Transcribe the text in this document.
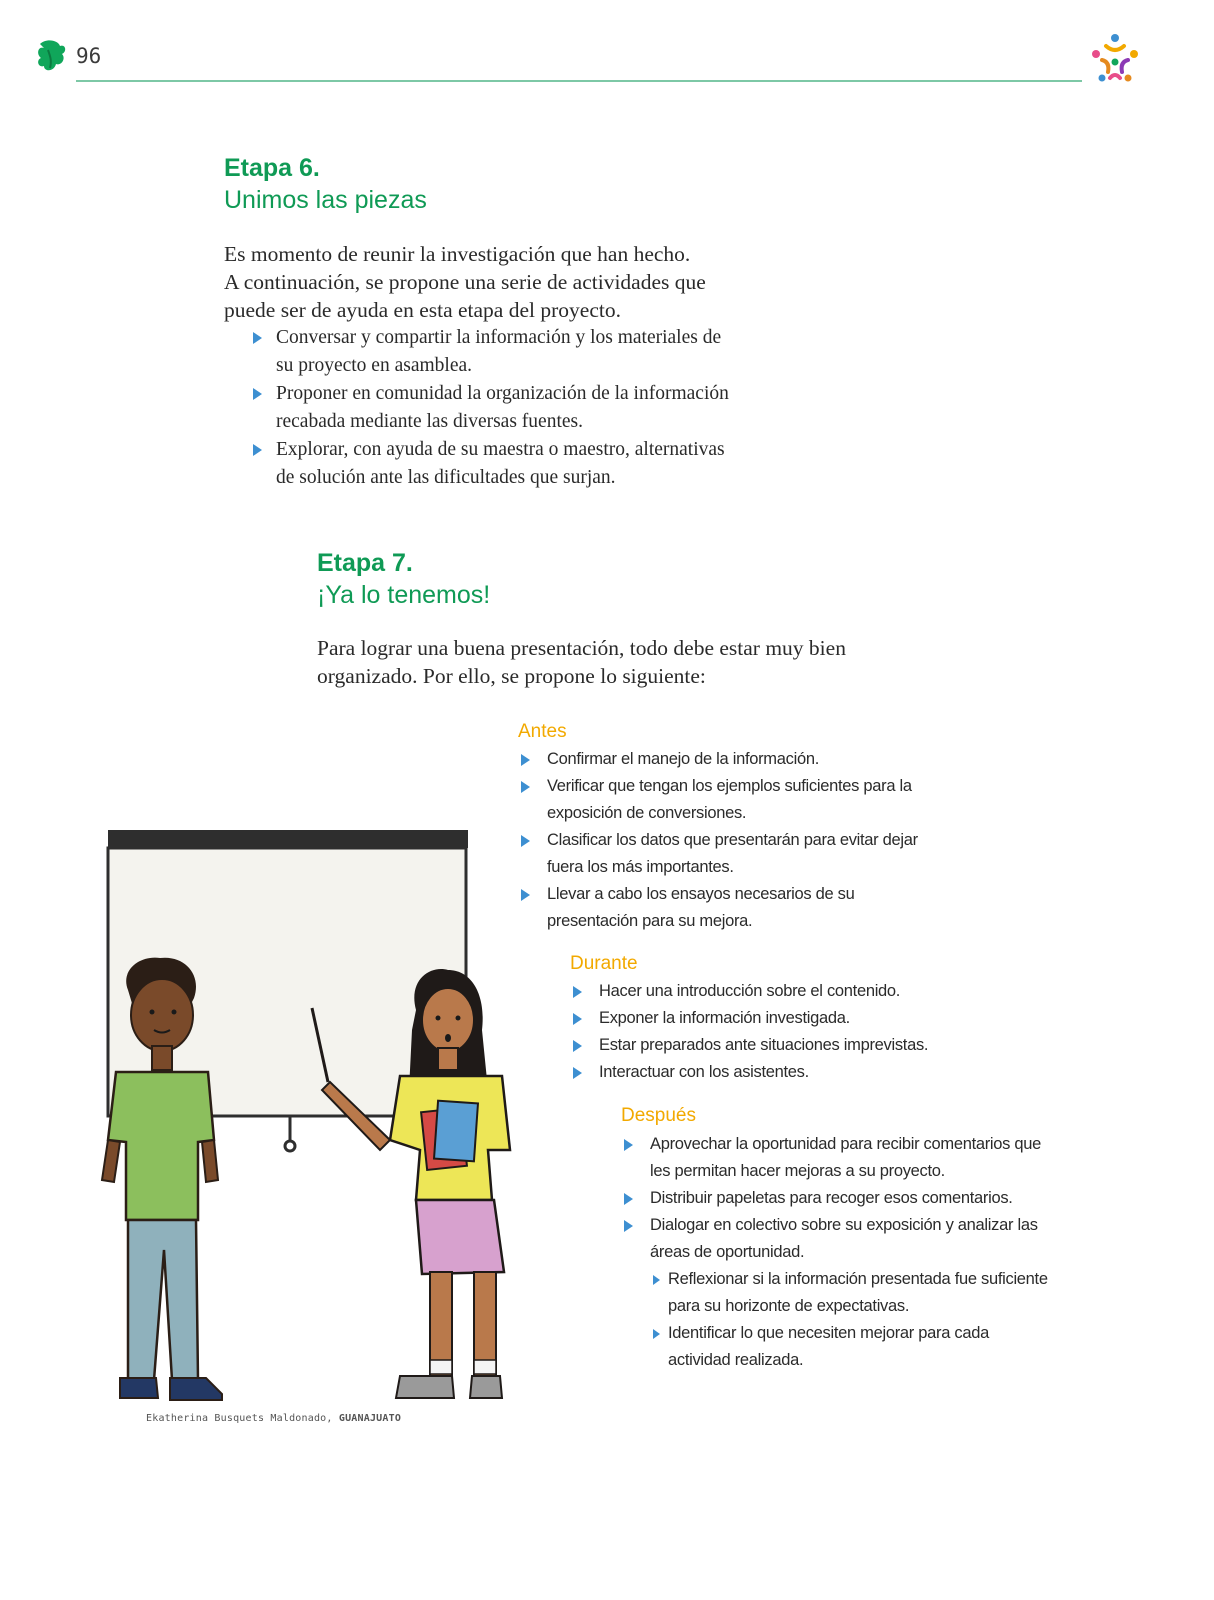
96
Etapa 6.
Unimos las piezas
Es momento de reunir la investigación que han hecho.
A continuación, se propone una serie de actividades que
puede ser de ayuda en esta etapa del proyecto.
Conversar y compartir la información y los materiales de su proyecto en asamblea.
Proponer en comunidad la organización de la información recabada mediante las diversas fuentes.
Explorar, con ayuda de su maestra o maestro, alternativas de solución ante las dificultades que surjan.
Etapa 7.
¡Ya lo tenemos!
Para lograr una buena presentación, todo debe estar muy bien
organizado. Por ello, se propone lo siguiente:
Antes
Confirmar el manejo de la información.
Verificar que tengan los ejemplos suficientes para la exposición de conversiones.
Clasificar los datos que presentarán para evitar dejar fuera los más importantes.
Llevar a cabo los ensayos necesarios de su presentación para su mejora.
Durante
Hacer una introducción sobre el contenido.
Exponer la información investigada.
Estar preparados ante situaciones imprevistas.
Interactuar con los asistentes.
Después
Aprovechar la oportunidad para recibir comentarios que les permitan hacer mejoras a su proyecto.
Distribuir papeletas para recoger esos comentarios.
Dialogar en colectivo sobre su exposición y analizar las áreas de oportunidad.
Reflexionar si la información presentada fue suficiente para su horizonte de expectativas.
Identificar lo que necesiten mejorar para cada actividad realizada.
Ekatherina Busquets Maldonado, GUANAJUATO
